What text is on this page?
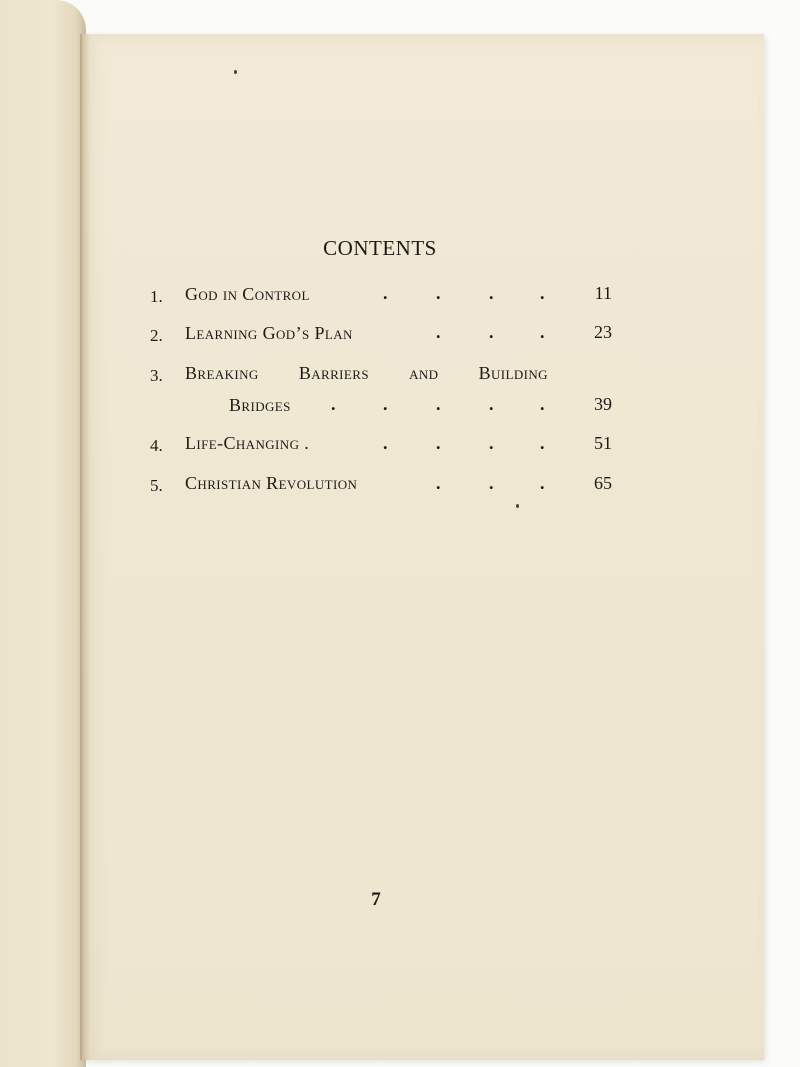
CONTENTS
1.	God in Control	.	.	.	.	11
2.	Learning God’s Plan	.	.	.	23
3.	Breaking Barriers and Building
Bridges .	.	.	.	.	39
4.	Life-Changing .	.	.	.	.	51
5.	Christian Revolution	.	.	.	65
7
